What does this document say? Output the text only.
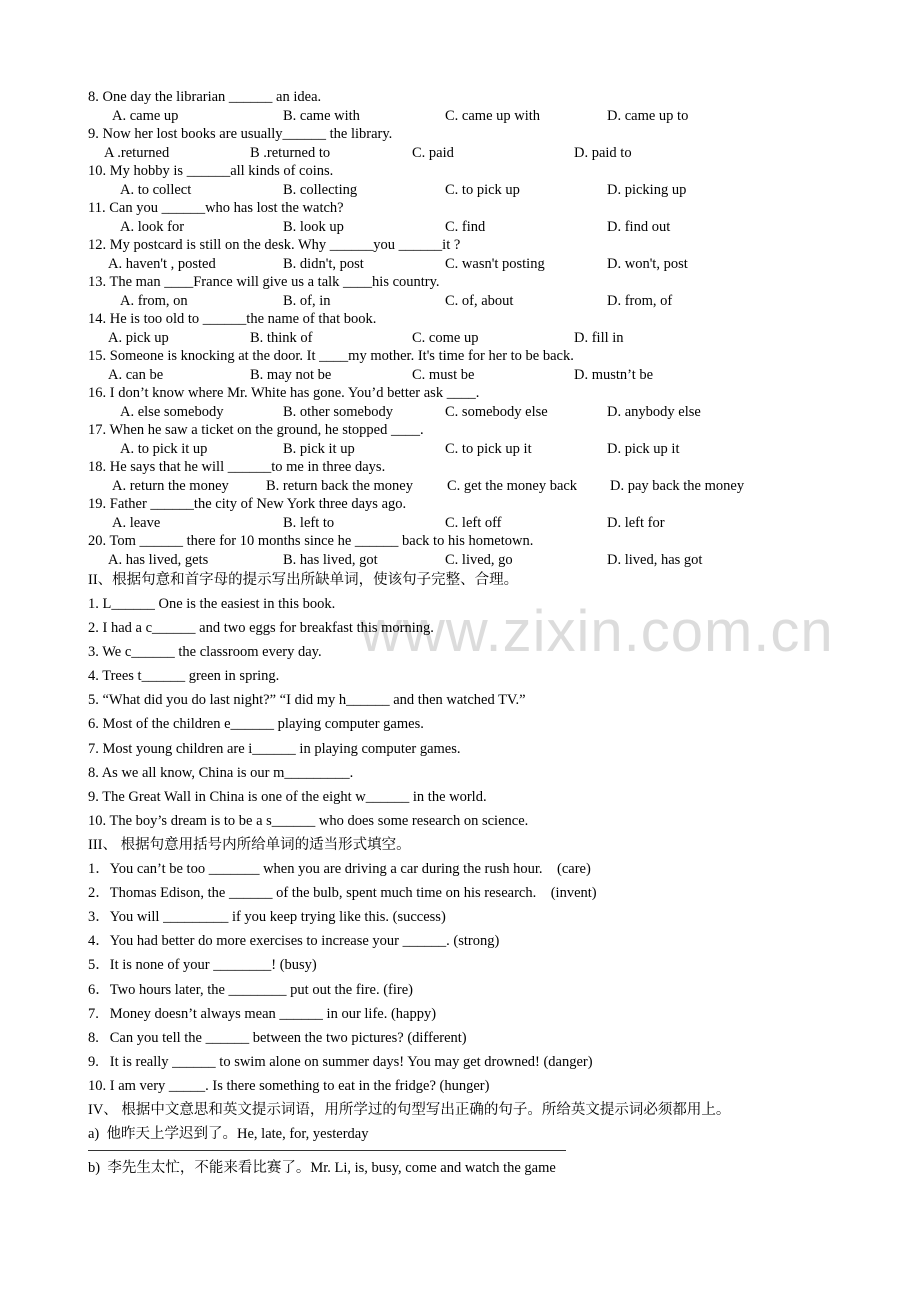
www.zixin.com.cn
8. One day the librarian ______ an idea.
A. came up	B. came with	C. came up with	D. came up to
9. Now her lost books are usually______ the library.
A .returned	B .returned to	C. paid	D. paid to
10. My hobby is ______all kinds of coins.
A. to collect	B. collecting	C. to pick up	D. picking up
11. Can you ______who has lost the watch?
A. look for	B. look up	C. find	D. find out
12. My postcard is still on the desk. Why ______you ______it ?
A. haven't , posted	B. didn't, post	C. wasn't posting	D. won't, post
13. The man ____France will give us a talk ____his country.
A. from, on	B. of, in	C. of, about	D. from, of
14. He is too old to ______the name of that book.
A. pick up	B. think of	C. come up	D. fill in
15. Someone is knocking at the door. It ____my mother. It's time for her to be back.
A. can be	B. may not be	C. must be	D. mustn’t be
16. I don’t know where Mr. White has gone. You’d better ask ____.
A. else somebody	B. other somebody	C. somebody else	D. anybody else
17. When he saw a ticket on the ground, he stopped ____.
A. to pick it up	B. pick it up	C. to pick up it	D. pick up it
18. He says that he will ______to me in three days.
A. return the money	B. return back the money C. get the money back D. pay back the money
19. Father ______the city of New York three days ago.
A. leave	B. left to	C. left off	D. left for
20. Tom ______ there for 10 months since he ______ back to his hometown.
A. has lived, gets	B. has lived, got	C. lived, go	D. lived, has got
II、根据句意和首字母的提示写出所缺单词，使该句子完整、合理。
1. L______ One is the easiest in this book.
2. I had a c______ and two eggs for breakfast this morning.
3. We c______ the classroom every day.
4. Trees t______ green in spring.
5. “What did you do last night?” “I did my h______ and then watched TV.”
6. Most of the children e______ playing computer games.
7. Most young children are i______ in playing computer games.
8. As we all know, China is our m_________.
9. The Great Wall in China is one of the eight w______ in the world.
10. The boy’s dream is to be a s______ who does some research on science.
III、 根据句意用括号内所给单词的适当形式填空。
1．You can’t be too _______ when you are driving a car during the rush hour.    (care)
2．Thomas Edison, the ______ of the bulb, spent much time on his research.    (invent)
3．You will _________ if you keep trying like this. (success)
4．You had better do more exercises to increase your ______. (strong)
5．It is none of your ________! (busy)
6．Two hours later, the ________ put out the fire. (fire)
7.   Money doesn’t always mean ______ in our life. (happy)
8.   Can you tell the ______ between the two pictures? (different)
9.   It is really ______ to swim alone on summer days! You may get drowned! (danger)
10. I am very _____. Is there something to eat in the fridge? (hunger)
IV、 根据中文意思和英文提示词语，用所学过的句型写出正确的句子。所给英文提示词必须都用上。
a)  他昨天上学迟到了。He, late, for, yesterday
b)  李先生太忙，不能来看比赛了。Mr. Li, is, busy, come and watch the game
